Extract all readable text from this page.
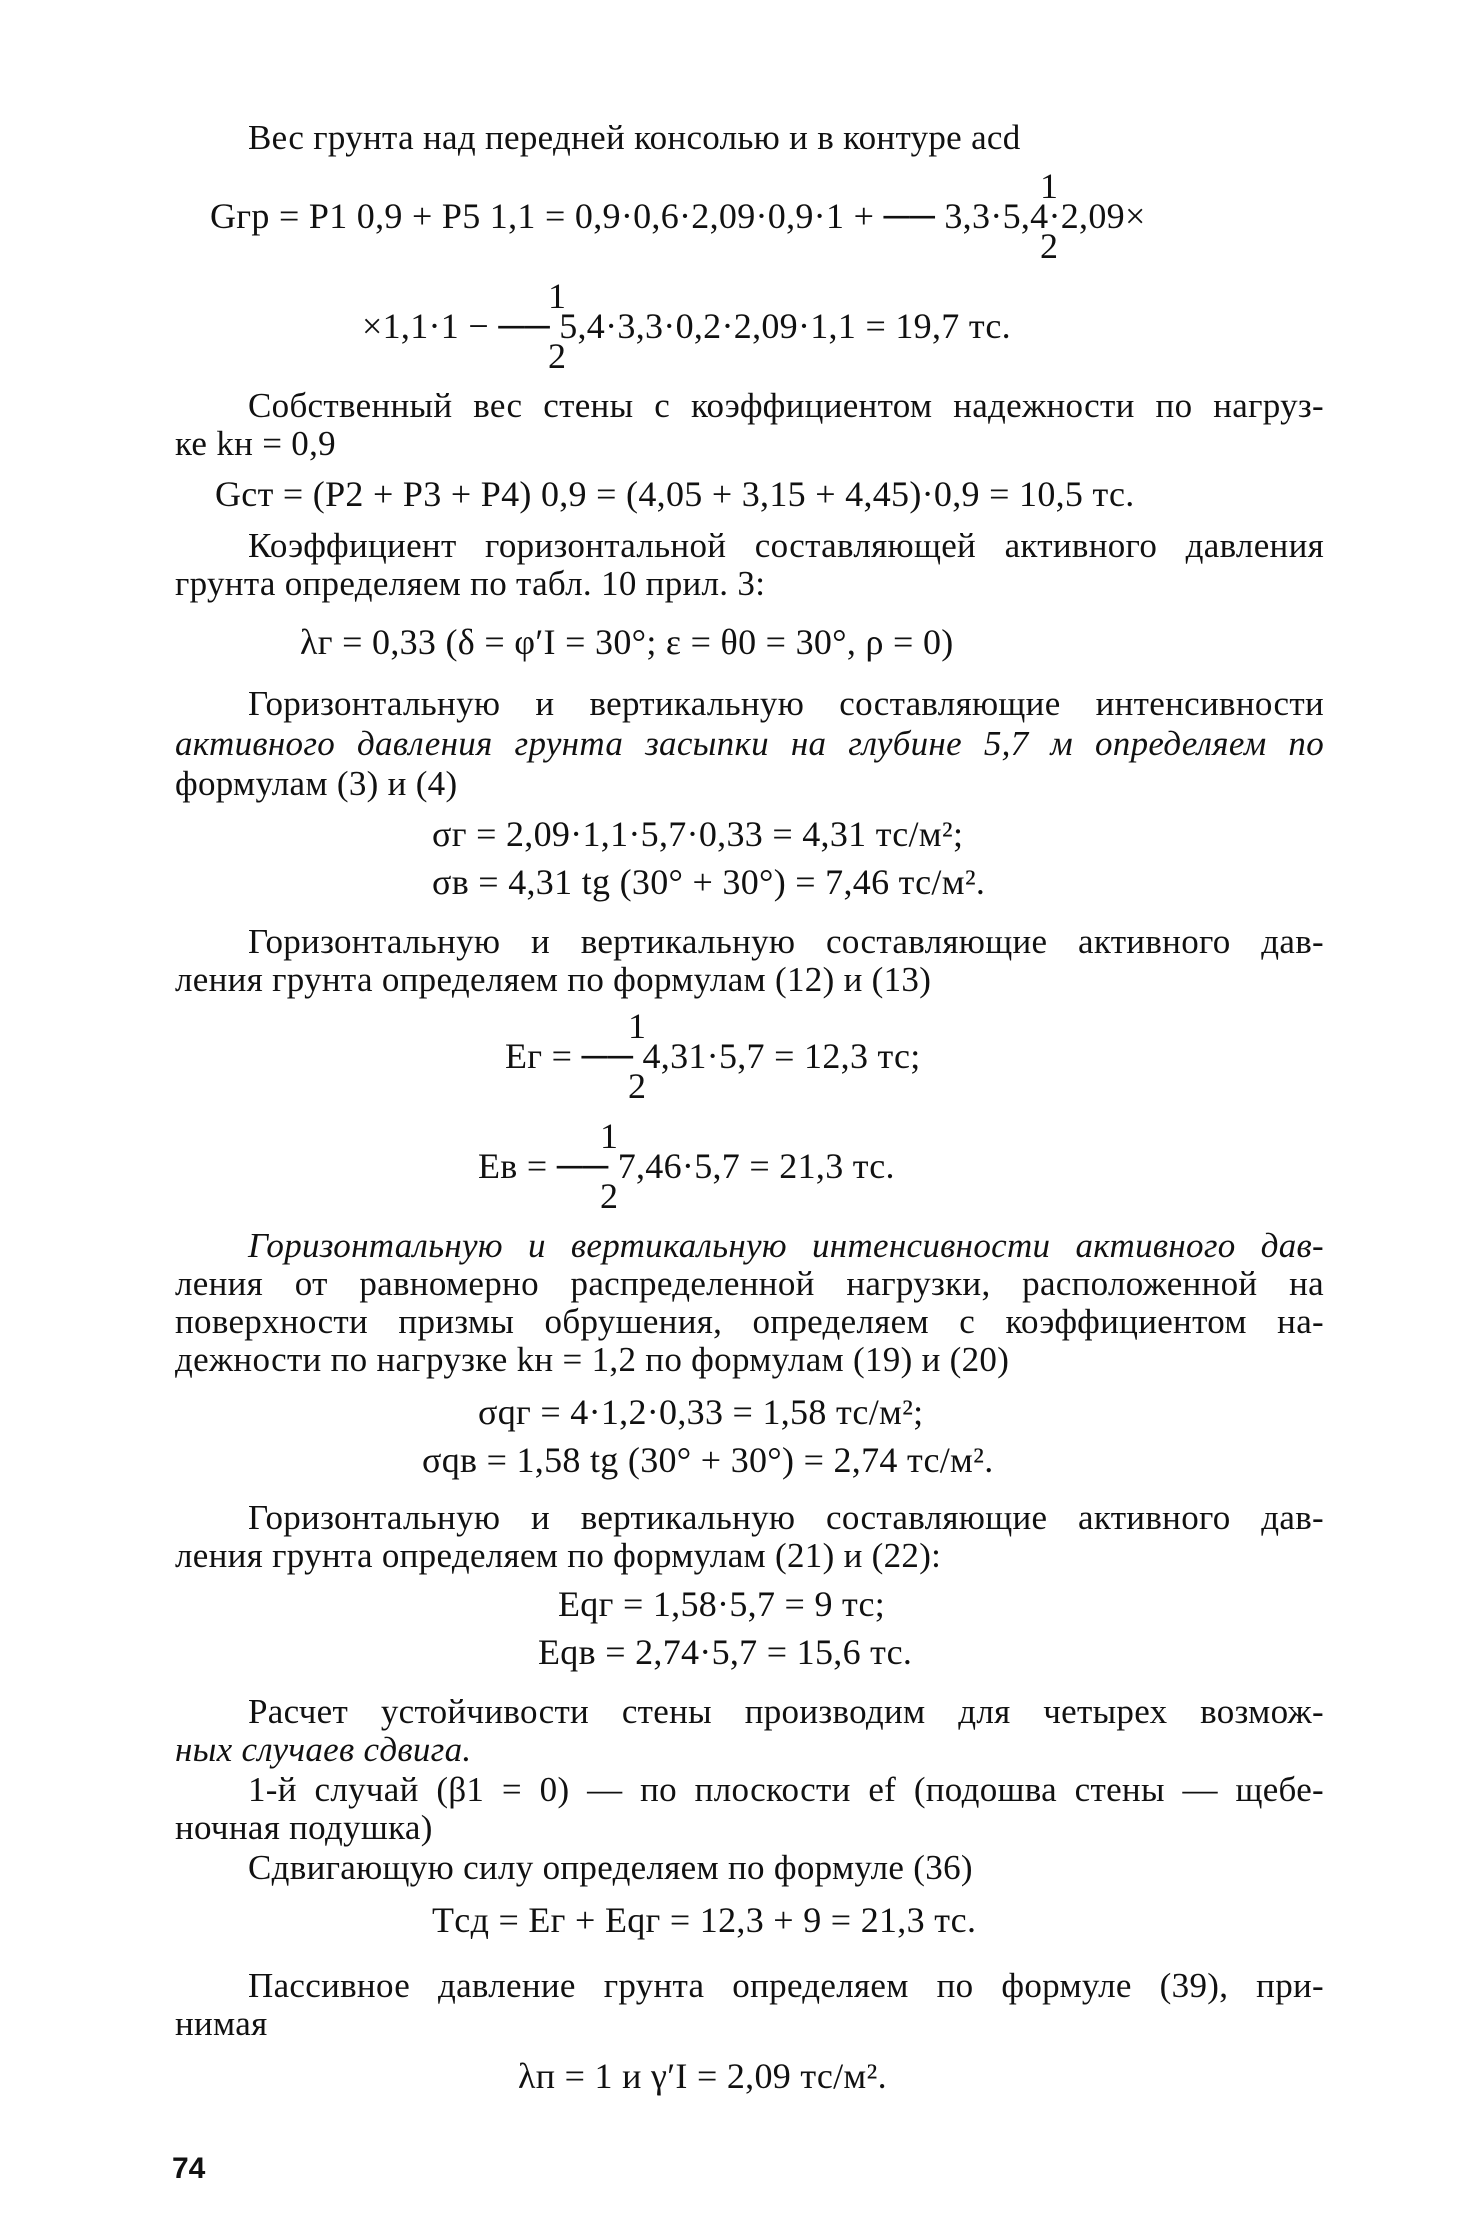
Вес грунта над передней консолью и в контуре acd
1
Gгр = P1 0,9 + P5 1,1 = 0,9·0,6·2,09·0,9·1 + ── 3,3·5,4·2,09×
2
1
×1,1·1 − ── 5,4·3,3·0,2·2,09·1,1 = 19,7 тс.
2
Собственный вес стены с коэффициентом надежности по нагруз-
ке kн = 0,9
Gст = (P2 + P3 + P4) 0,9 = (4,05 + 3,15 + 4,45)·0,9 = 10,5 тс.
Коэффициент горизонтальной составляющей активного давления
грунта определяем по табл. 10 прил. 3:
λг = 0,33 (δ = φ′I = 30°; ε = θ0 = 30°, ρ = 0)
Горизонтальную и вертикальную составляющие интенсивности
активного давления грунта засыпки на глубине 5,7 м определяем по
формулам (3) и (4)
σг = 2,09·1,1·5,7·0,33 = 4,31 тс/м²;
σв = 4,31 tg (30° + 30°) = 7,46 тс/м².
Горизонтальную и вертикальную составляющие активного дав-
ления грунта определяем по формулам (12) и (13)
1
Eг = ── 4,31·5,7 = 12,3 тс;
2
1
Eв = ── 7,46·5,7 = 21,3 тс.
2
Горизонтальную и вертикальную интенсивности активного дав-
ления от равномерно распределенной нагрузки, расположенной на
поверхности призмы обрушения, определяем с коэффициентом на-
дежности по нагрузке kн = 1,2 по формулам (19) и (20)
σqг = 4·1,2·0,33 = 1,58 тс/м²;
σqв = 1,58 tg (30° + 30°) = 2,74 тс/м².
Горизонтальную и вертикальную составляющие активного дав-
ления грунта определяем по формулам (21) и (22):
Eqг = 1,58·5,7 = 9 тс;
Eqв = 2,74·5,7 = 15,6 тс.
Расчет устойчивости стены производим для четырех возмож-
ных случаев сдвига.
1-й случай (β1 = 0) — по плоскости ef (подошва стены — щебе-
ночная подушка)
Сдвигающую силу определяем по формуле (36)
Tсд = Eг + Eqг = 12,3 + 9 = 21,3 тс.
Пассивное давление грунта определяем по формуле (39), при-
нимая
λп = 1 и γ′I = 2,09 тс/м².
74
